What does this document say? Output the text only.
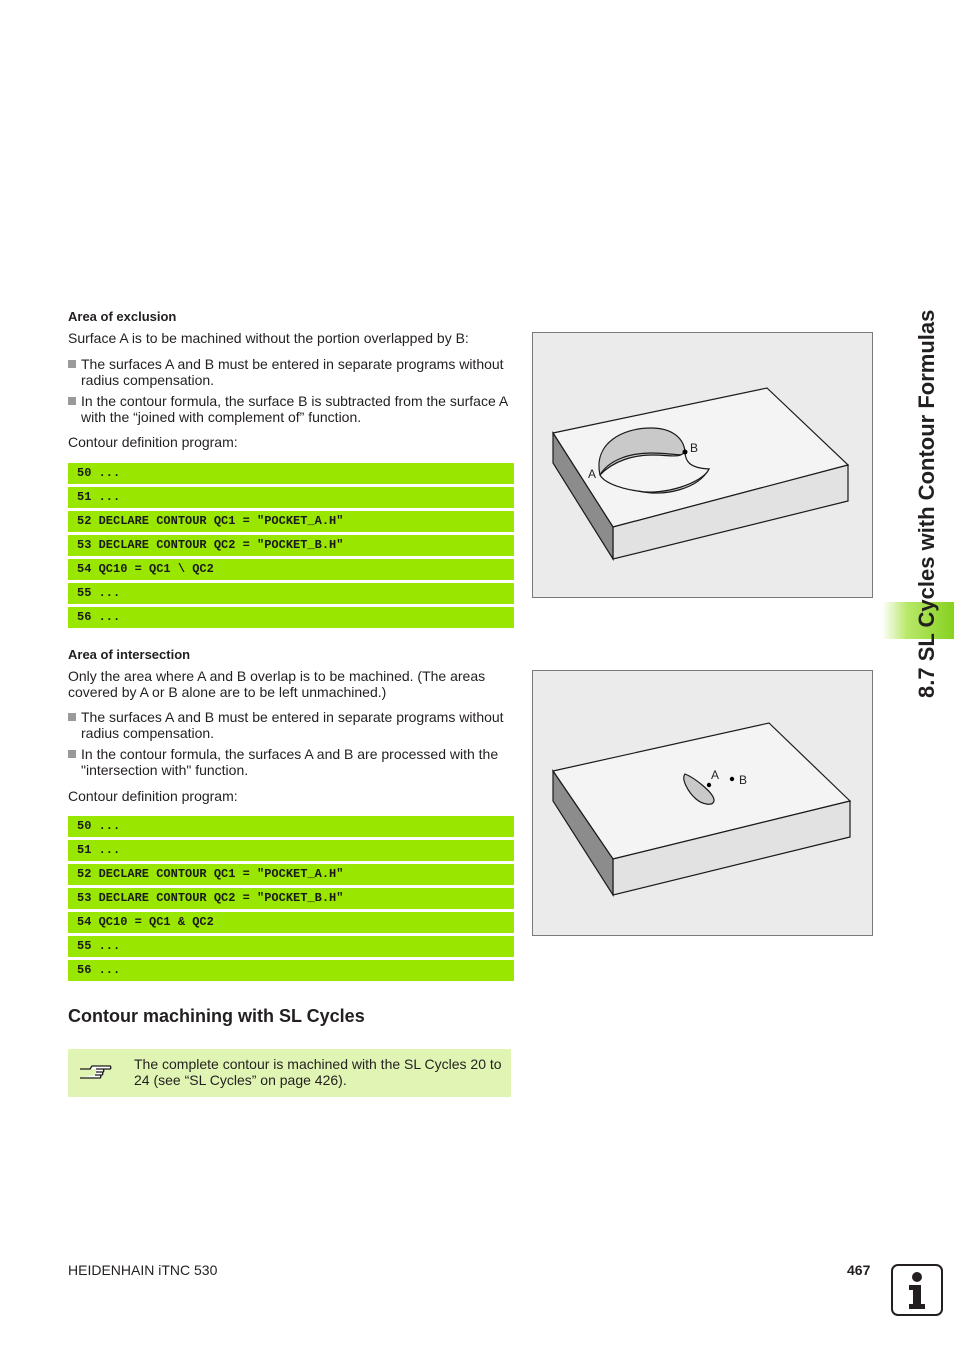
8.7 SL Cycles with Contour Formulas
Area of exclusion
Surface A is to be machined without the portion overlapped by B:
The surfaces A and B must be entered in separate programs without radius compensation.
In the contour formula, the surface B is subtracted from the surface A with the “joined with complement of” function.
Contour definition program:
50 ...
51 ...
52 DECLARE CONTOUR QC1 = "POCKET_A.H"
53 DECLARE CONTOUR QC2 = "POCKET_B.H"
54 QC10 = QC1 \ QC2
55 ...
56 ...
A
B
Area of intersection
Only the area where A and B overlap is to be machined. (The areas covered by A or B alone are to be left unmachined.)
The surfaces A and B must be entered in separate programs without radius compensation.
In the contour formula, the surfaces A and B are processed with the "intersection with" function.
Contour definition program:
50 ...
51 ...
52 DECLARE CONTOUR QC1 = "POCKET_A.H"
53 DECLARE CONTOUR QC2 = "POCKET_B.H"
54 QC10 = QC1 & QC2
55 ...
56 ...
A B
Contour machining with SL Cycles
The complete contour is machined with the SL Cycles 20 to 24 (see “SL Cycles” on page 426).
HEIDENHAIN iTNC 530	467
